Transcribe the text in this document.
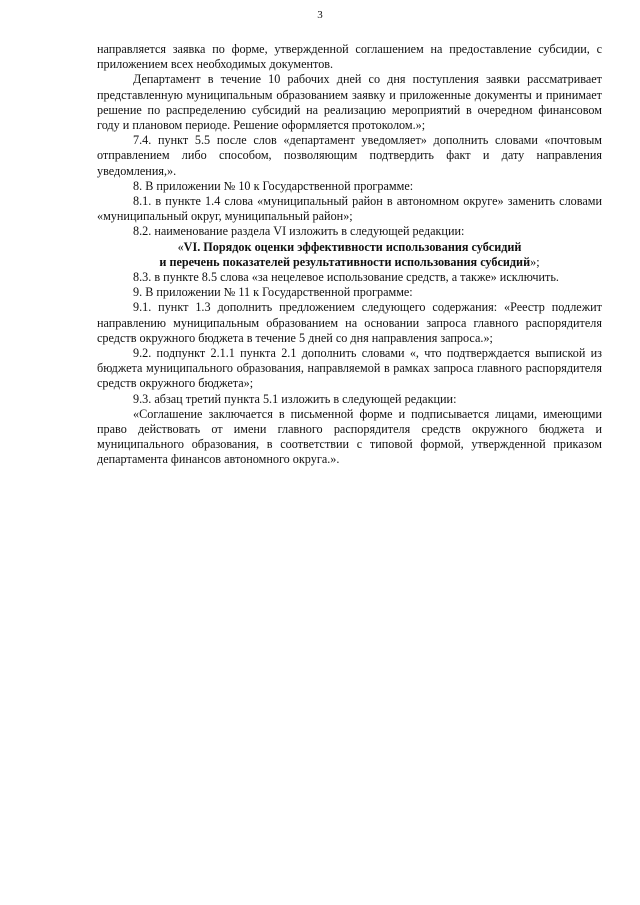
3

направляется заявка по форме, утвержденной соглашением на предоставление субсидии, с приложением всех необходимых документов.

Департамент в течение 10 рабочих дней со дня поступления заявки рассматривает представленную муниципальным образованием заявку и приложенные документы и принимает решение по распределению субсидий на реализацию мероприятий в очередном финансовом году и плановом периоде. Решение оформляется протоколом.»;

7.4. пункт 5.5 после слов «департамент уведомляет» дополнить словами «почтовым отправлением либо способом, позволяющим подтвердить факт и дату направления уведомления,».

8. В приложении № 10 к Государственной программе:

8.1. в пункте 1.4 слова «муниципальный район в автономном округе» заменить словами «муниципальный округ, муниципальный район»;

8.2. наименование раздела VI изложить в следующей редакции:

«VI. Порядок оценки эффективности использования субсидий
и перечень показателей результативности использования субсидий»;

8.3. в пункте 8.5 слова «за нецелевое использование средств, а также» исключить.

9. В приложении № 11 к Государственной программе:

9.1. пункт 1.3 дополнить предложением следующего содержания: «Реестр подлежит направлению муниципальным образованием на основании запроса главного распорядителя средств окружного бюджета в течение 5 дней со дня направления запроса.»;

9.2. подпункт 2.1.1 пункта 2.1 дополнить словами «, что подтверждается выпиской из бюджета муниципального образования, направляемой в рамках запроса главного распорядителя средств окружного бюджета»;

9.3. абзац третий пункта 5.1 изложить в следующей редакции:

«Соглашение заключается в письменной форме и подписывается лицами, имеющими право действовать от имени главного распорядителя средств окружного бюджета и муниципального образования, в соответствии с типовой формой, утвержденной приказом департамента финансов автономного округа.».
